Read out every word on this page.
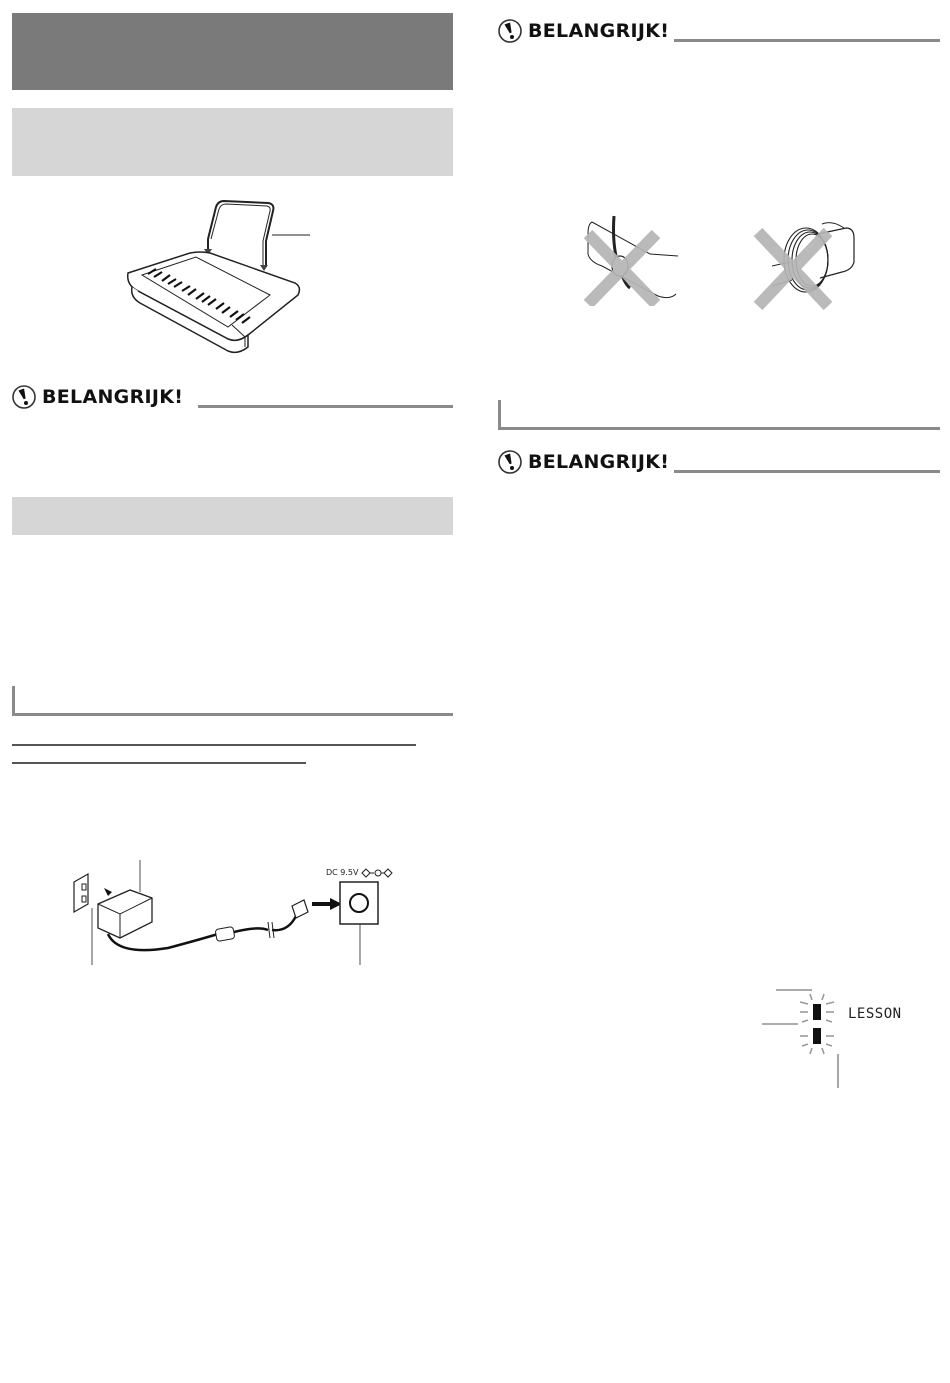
BELANGRIJK!
DC 9.5V
BELANGRIJK!
BELANGRIJK!
LESSON
